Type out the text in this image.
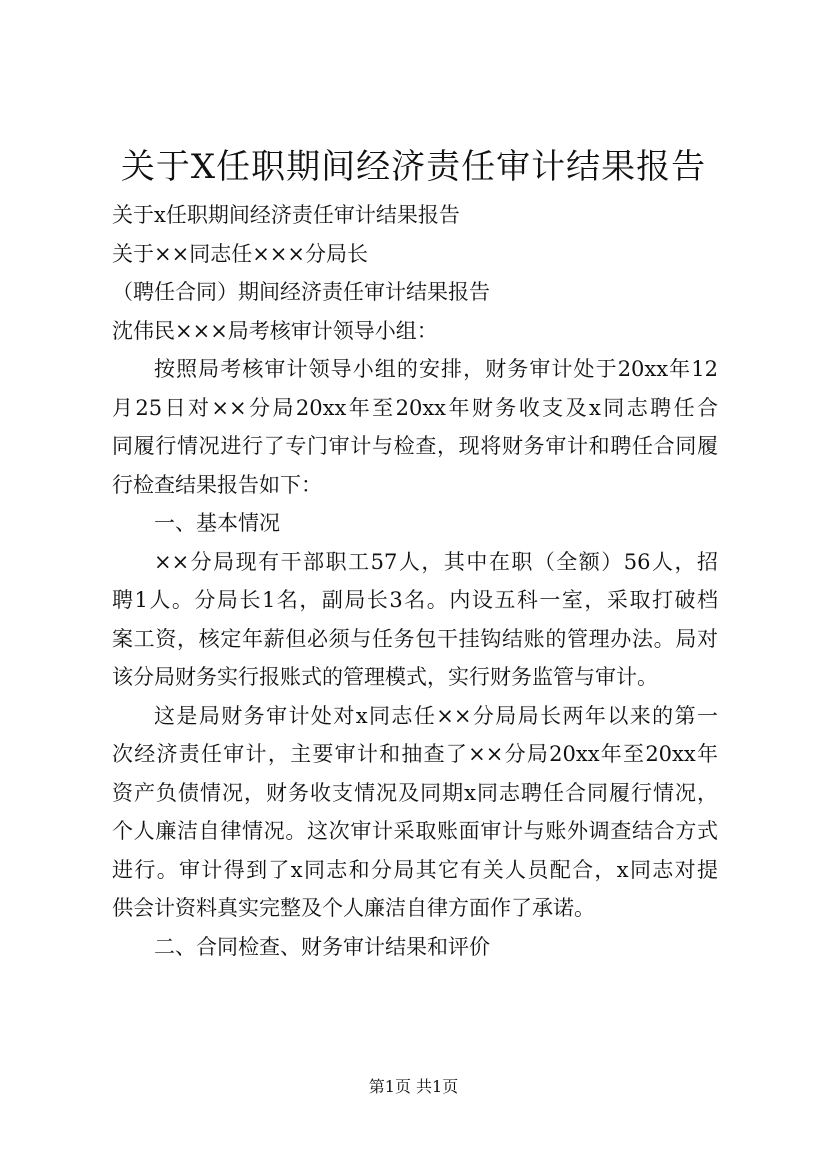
关于X任职期间经济责任审计结果报告
关于x任职期间经济责任审计结果报告
关于××同志任×××分局长
（聘任合同）期间经济责任审计结果报告
沈伟民×××局考核审计领导小组：
按照局考核审计领导小组的安排，财务审计处于20xx年12
月25日对××分局20xx年至20xx年财务收支及x同志聘任合
同履行情况进行了专门审计与检查，现将财务审计和聘任合同履
行检查结果报告如下：
一、基本情况
××分局现有干部职工57人，其中在职（全额）56人，招
聘1人。分局长1名，副局长3名。内设五科一室，采取打破档
案工资，核定年薪但必须与任务包干挂钩结账的管理办法。局对
该分局财务实行报账式的管理模式，实行财务监管与审计。
这是局财务审计处对x同志任××分局局长两年以来的第一
次经济责任审计，主要审计和抽查了××分局20xx年至20xx年
资产负债情况，财务收支情况及同期x同志聘任合同履行情况，
个人廉洁自律情况。这次审计采取账面审计与账外调查结合方式
进行。审计得到了x同志和分局其它有关人员配合，x同志对提
供会计资料真实完整及个人廉洁自律方面作了承诺。
二、合同检查、财务审计结果和评价
第1页 共1页
